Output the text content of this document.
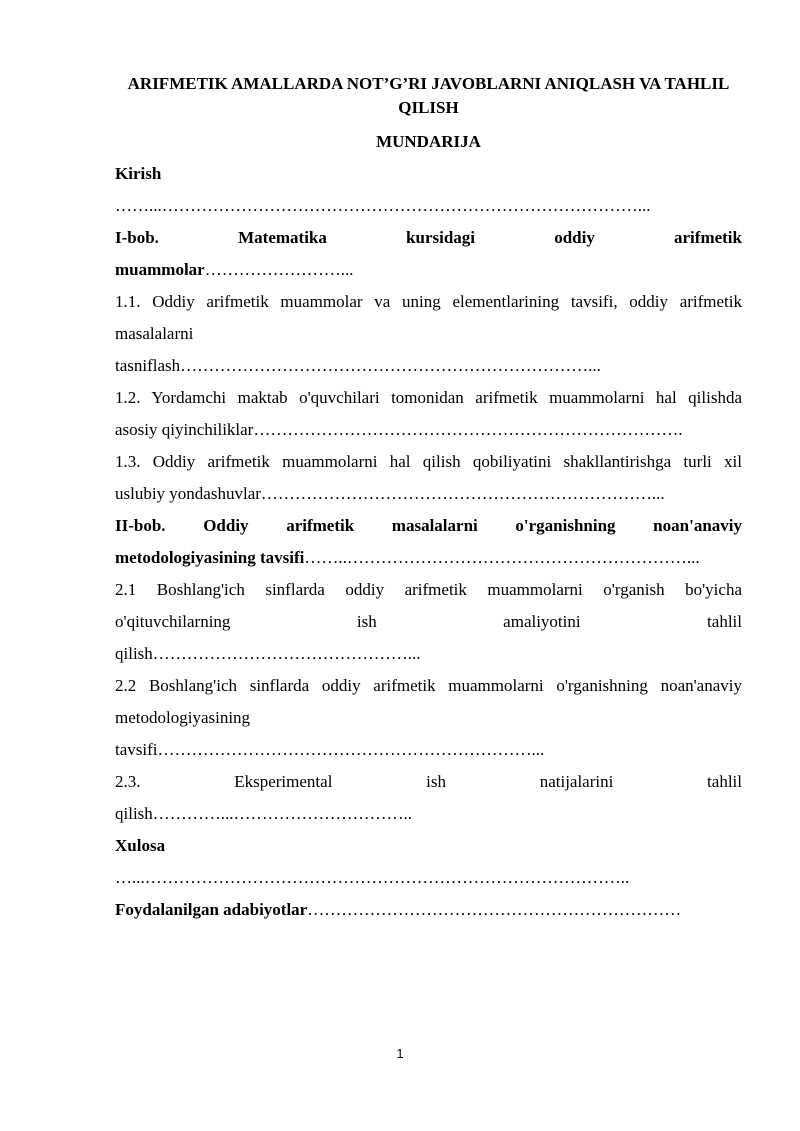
ARIFMETIK AMALLARDA NOT’G’RI JAVOBLARNI ANIQLASH VA TAHLIL QILISH
MUNDARIJA

Kirish

……...…………………………………………………………………………...

I-bob. Matematika kursidagi oddiy arifmetik

muammolar……………………...

1.1. Oddiy arifmetik muammolar va uning elementlarining tavsifi, oddiy arifmetik

masalalarni

tasniflash………………………………………………………………...

1.2. Yordamchi maktab o'quvchilari tomonidan arifmetik muammolarni hal qilishda

asosiy qiyinchiliklar………………………………………………………………….

1.3. Oddiy arifmetik muammolarni hal qilish qobiliyatini shakllantirishga turli xil

uslubiy yondashuvlar……………………………………………………………...

II-bob. Oddiy arifmetik masalalarni o'rganishning noan'anaviy

metodologiyasining tavsifi……..……………………………………………………...

2.1 Boshlang'ich sinflarda oddiy arifmetik muammolarni o'rganish bo'yicha

o'qituvchilarning ish amaliyotini tahlil

qilish………………………………………...

2.2 Boshlang'ich sinflarda oddiy arifmetik muammolarni o'rganishning noan'anaviy

metodologiyasining

tavsifi…………………………………………………………...

2.3. Eksperimental ish natijalarini tahlil

qilish…………...…………………………..

Xulosa

…...…………………………………………………………………………..

Foydalanilgan adabiyotlar…………………………………………………………

1
